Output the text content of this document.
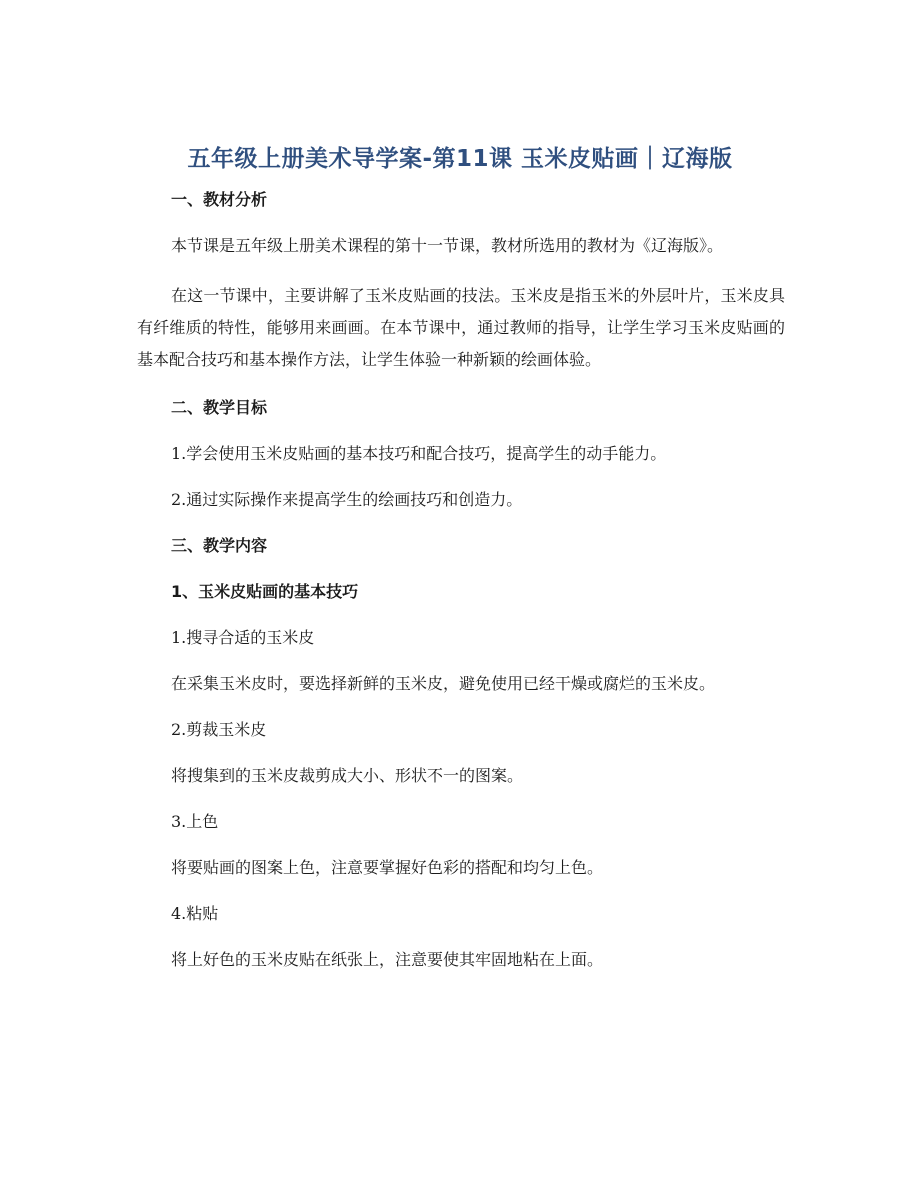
五年级上册美术导学案-第11课 玉米皮贴画｜辽海版
一、教材分析
本节课是五年级上册美术课程的第十一节课，教材所选用的教材为《辽海版》。
在这一节课中，主要讲解了玉米皮贴画的技法。玉米皮是指玉米的外层叶片，玉米皮具有纤维质的特性，能够用来画画。在本节课中，通过教师的指导，让学生学习玉米皮贴画的基本配合技巧和基本操作方法，让学生体验一种新颖的绘画体验。
二、教学目标
1.学会使用玉米皮贴画的基本技巧和配合技巧，提高学生的动手能力。
2.通过实际操作来提高学生的绘画技巧和创造力。
三、教学内容
1、玉米皮贴画的基本技巧
1.搜寻合适的玉米皮
在采集玉米皮时，要选择新鲜的玉米皮，避免使用已经干燥或腐烂的玉米皮。
2.剪裁玉米皮
将搜集到的玉米皮裁剪成大小、形状不一的图案。
3.上色
将要贴画的图案上色，注意要掌握好色彩的搭配和均匀上色。
4.粘贴
将上好色的玉米皮贴在纸张上，注意要使其牢固地粘在上面。
